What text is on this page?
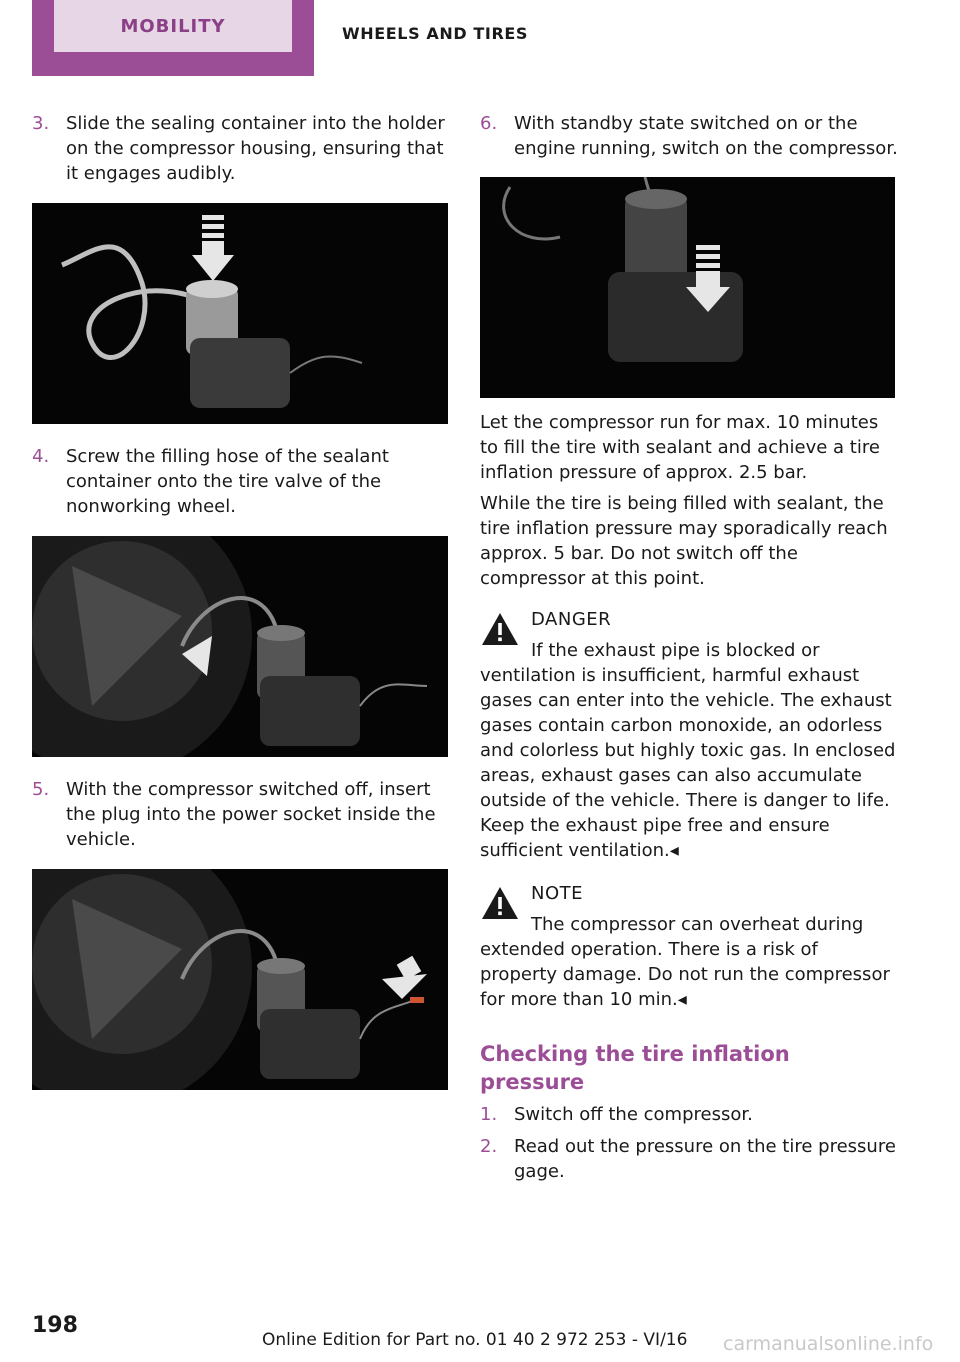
MOBILITY	WHEELS AND TIRES
3. Slide the sealing container into the holder on the compressor housing, ensuring that it engages audibly.
4. Screw the filling hose of the sealant container onto the tire valve of the nonworking wheel.
5. With the compressor switched off, insert the plug into the power socket inside the vehicle.
6. With standby state switched on or the engine running, switch on the compressor.

Let the compressor run for max. 10 minutes to fill the tire with sealant and achieve a tire inflation pressure of approx. 2.5 bar.

While the tire is being filled with sealant, the tire inflation pressure may sporadically reach approx. 5 bar. Do not switch off the compressor at this point.

DANGER

If the exhaust pipe is blocked or ventilation is insufficient, harmful exhaust gases can enter into the vehicle. The exhaust gases contain carbon monoxide, an odorless and colorless but highly toxic gas. In enclosed areas, exhaust gases can also accumulate outside of the vehicle. There is danger to life. Keep the exhaust pipe free and ensure sufficient ventilation.◂

NOTE

The compressor can overheat during extended operation. There is a risk of property damage. Do not run the compressor for more than 10 min.◂

Checking the tire inflation pressure
1. Switch off the compressor.
2. Read out the pressure on the tire pressure gage.
198
Online Edition for Part no. 01 40 2 972 253 - VI/16 carmanualsonline.info
